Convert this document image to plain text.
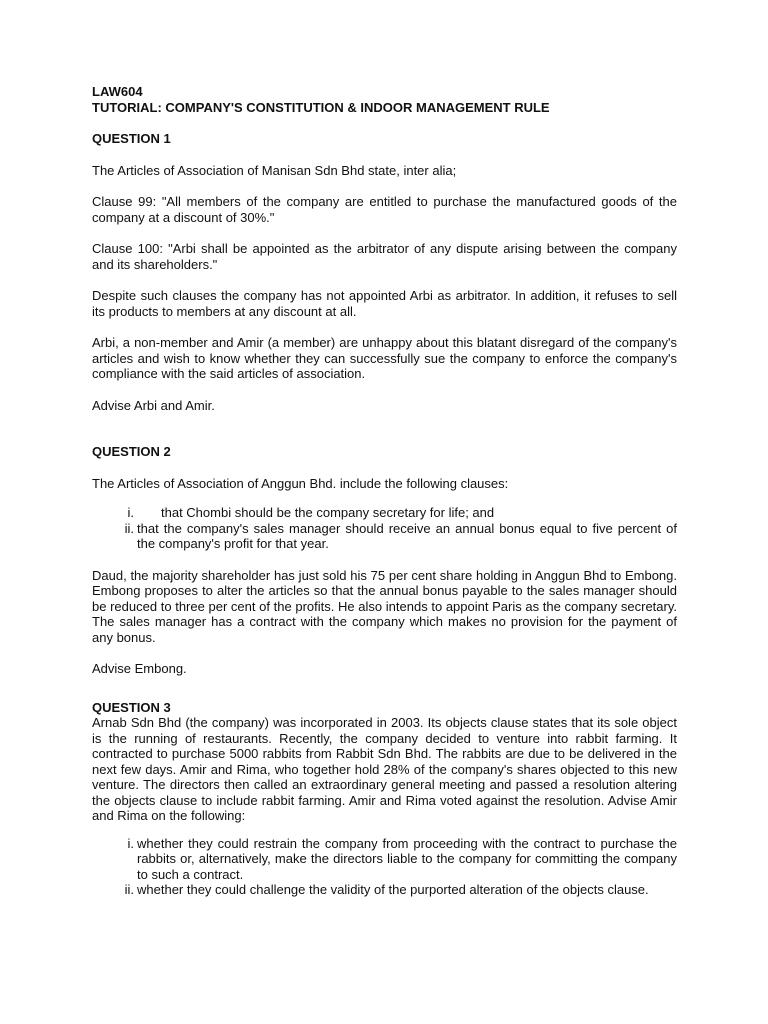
LAW604

TUTORIAL: COMPANY'S CONSTITUTION & INDOOR MANAGEMENT RULE

QUESTION 1

The Articles of Association of Manisan Sdn Bhd state, inter alia;

Clause 99: "All members of the company are entitled to purchase the manufactured goods of the company at a discount of 30%."

Clause 100: "Arbi shall be appointed as the arbitrator of any dispute arising between the company and its shareholders."

Despite such clauses the company has not appointed Arbi as arbitrator. In addition, it refuses to sell its products to members at any discount at all.

Arbi, a non-member and Amir (a member) are unhappy about this blatant disregard of the company's articles and wish to know whether they can successfully sue the company to enforce the company's compliance with the said articles of association.

Advise Arbi and Amir.

QUESTION 2

The Articles of Association of Anggun Bhd. include the following clauses:

i. that Chombi should be the company secretary for life; and
ii. that the company's sales manager should receive an annual bonus equal to five percent of the company's profit for that year.

Daud, the majority shareholder has just sold his 75 per cent share holding in Anggun Bhd to Embong. Embong proposes to alter the articles so that the annual bonus payable to the sales manager should be reduced to three per cent of the profits. He also intends to appoint Paris as the company secretary. The sales manager has a contract with the company which makes no provision for the payment of any bonus.

Advise Embong.

QUESTION 3

Arnab Sdn Bhd (the company) was incorporated in 2003. Its objects clause states that its sole object is the running of restaurants. Recently, the company decided to venture into rabbit farming. It contracted to purchase 5000 rabbits from Rabbit Sdn Bhd. The rabbits are due to be delivered in the next few days. Amir and Rima, who together hold 28% of the company's shares objected to this new venture. The directors then called an extraordinary general meeting and passed a resolution altering the objects clause to include rabbit farming. Amir and Rima voted against the resolution. Advise Amir and Rima on the following:

i. whether they could restrain the company from proceeding with the contract to purchase the rabbits or, alternatively, make the directors liable to the company for committing the company to such a contract.
ii. whether they could challenge the validity of the purported alteration of the objects clause.
